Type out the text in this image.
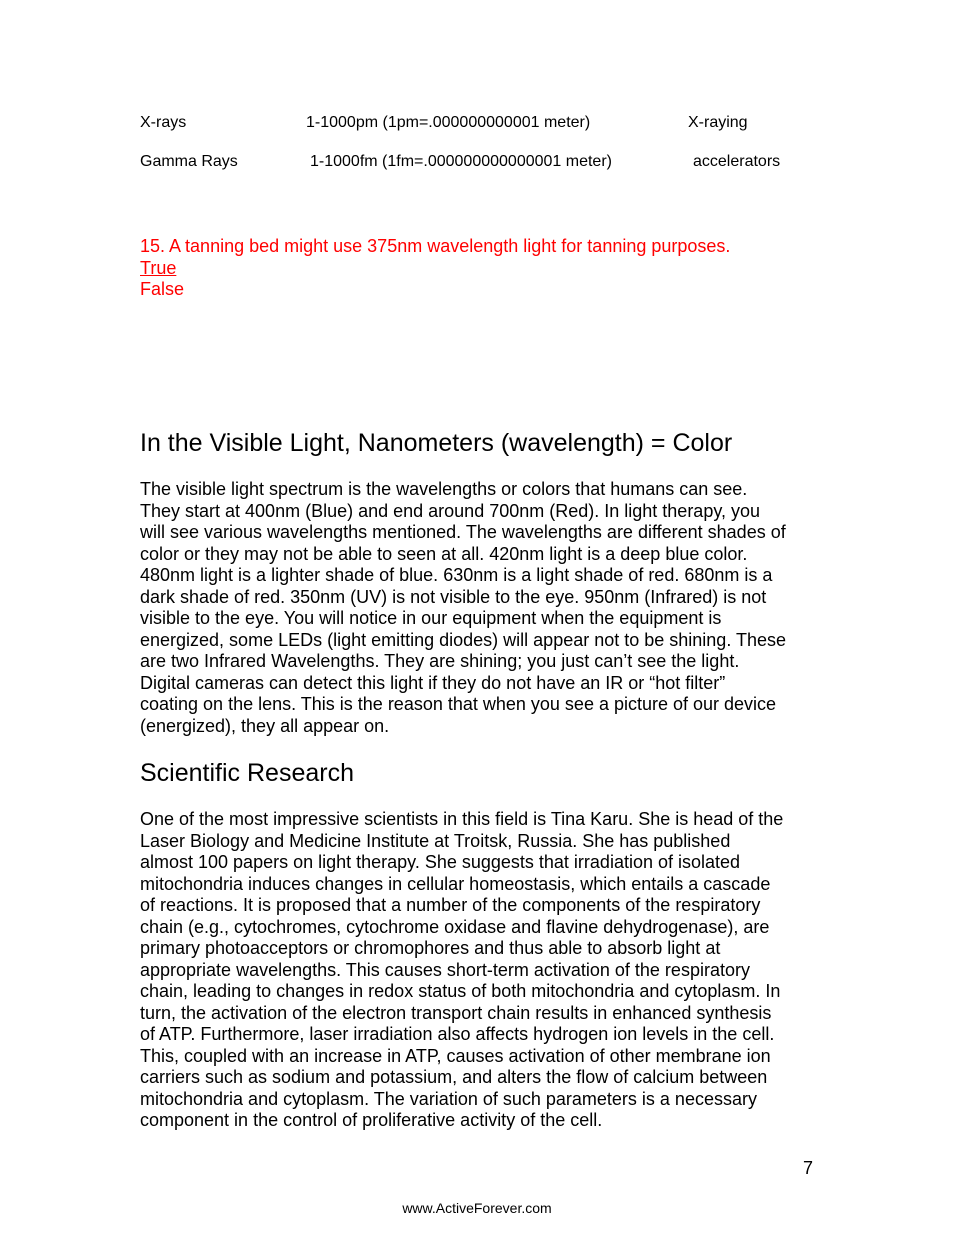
X-rays	1-1000pm (1pm=.000000000001 meter)	X-raying
Gamma Rays	1-1000fm (1fm=.000000000000001 meter)	accelerators
15. A tanning bed might use 375nm wavelength light for tanning purposes.
True
False
In the Visible Light, Nanometers (wavelength) = Color
The visible light spectrum is the wavelengths or colors that humans can see.
They start at 400nm (Blue) and end around 700nm (Red). In light therapy, you
will see various wavelengths mentioned. The wavelengths are different shades of
color or they may not be able to seen at all. 420nm light is a deep blue color.
480nm light is a lighter shade of blue. 630nm is a light shade of red. 680nm is a
dark shade of red. 350nm (UV) is not visible to the eye. 950nm (Infrared) is not
visible to the eye. You will notice in our equipment when the equipment is
energized, some LEDs (light emitting diodes) will appear not to be shining. These
are two Infrared Wavelengths. They are shining; you just can’t see the light.
Digital cameras can detect this light if they do not have an IR or “hot filter”
coating on the lens. This is the reason that when you see a picture of our device
(energized), they all appear on.
Scientific Research
One of the most impressive scientists in this field is Tina Karu. She is head of the
Laser Biology and Medicine Institute at Troitsk, Russia. She has published
almost 100 papers on light therapy. She suggests that irradiation of isolated
mitochondria induces changes in cellular homeostasis, which entails a cascade
of reactions. It is proposed that a number of the components of the respiratory
chain (e.g., cytochromes, cytochrome oxidase and flavine dehydrogenase), are
primary photoacceptors or chromophores and thus able to absorb light at
appropriate wavelengths. This causes short-term activation of the respiratory
chain, leading to changes in redox status of both mitochondria and cytoplasm. In
turn, the activation of the electron transport chain results in enhanced synthesis
of ATP. Furthermore, laser irradiation also affects hydrogen ion levels in the cell.
This, coupled with an increase in ATP, causes activation of other membrane ion
carriers such as sodium and potassium, and alters the flow of calcium between
mitochondria and cytoplasm. The variation of such parameters is a necessary
component in the control of proliferative activity of the cell.
7
www.ActiveForever.com
